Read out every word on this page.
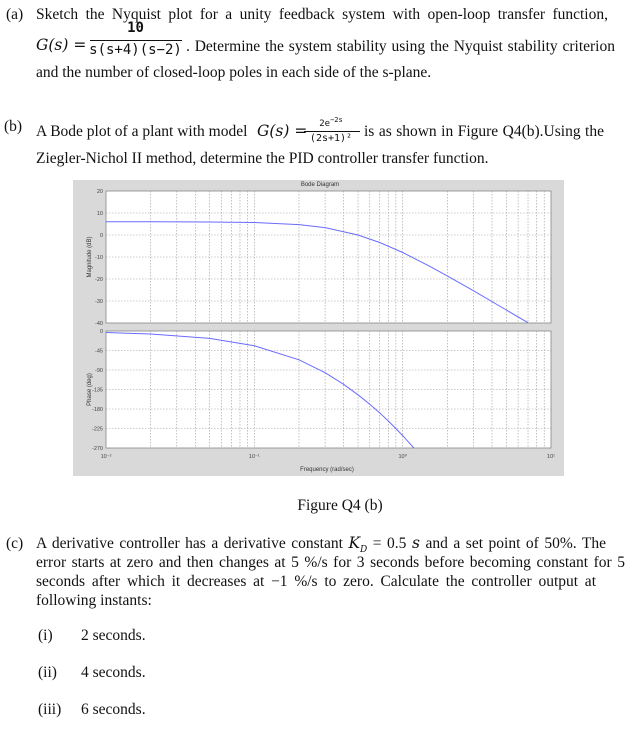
(a) Sketch the Nyquist plot for a unity feedback system with open-loop transfer function,
G(s) =
10
s(s+4)(s−2) . Determine the system stability using the Nyquist stability criterion
and the number of closed-loop poles in each side of the s-plane.
(b) A Bode plot of a plant with model G(s) =	$2e^{-2s}$
(2s+1)² is as shown in Figure Q4(b).Using the
Ziegler-Nichol II method, determine the PID controller transfer function.
Bode Diagram
20
10
0
-10
-20
-30
-40
Magnitude (dB)
0
-45
-90
-135
-180
-225
-270
Phase (deg)
10⁻²	10⁻¹	10⁰	10¹
Frequency (rad/sec)
Figure Q4 (b)
(c) A derivative controller has a derivative constant $K_D = 0.5$ s and a set point of 50%. The
error starts at zero and then changes at 5 %/s for 3 seconds before becoming constant for 5
seconds after which it decreases at −1 %/s to zero. Calculate the controller output at
following instants:
(i) 2 seconds.
(ii) 4 seconds.
(iii) 6 seconds.
